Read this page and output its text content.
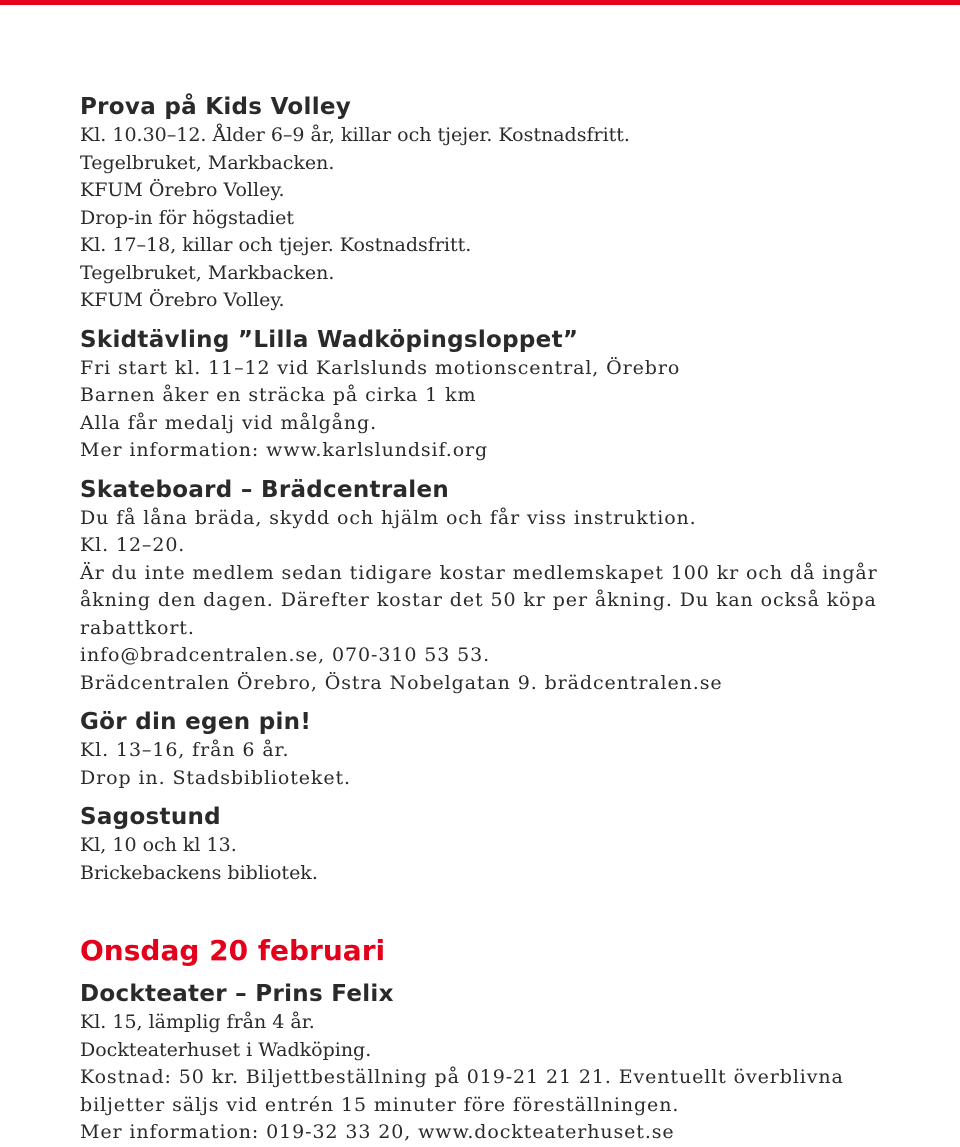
Prova på Kids Volley

Kl. 10.30–12. Ålder 6–9 år, killar och tjejer. Kostnadsfritt.

Tegelbruket, Markbacken.

KFUM Örebro Volley.

Drop-in för högstadiet

Kl. 17–18, killar och tjejer. Kostnadsfritt.

Tegelbruket, Markbacken.

KFUM Örebro Volley.

Skidtävling ”Lilla Wadköpingsloppet”

Fri start kl. 11–12 vid Karlslunds motionscentral, Örebro

Barnen åker en sträcka på cirka 1 km

Alla får medalj vid målgång.

Mer information: www.karlslundsif.org

Skateboard – Brädcentralen

Du få låna bräda, skydd och hjälm och får viss instruktion.

Kl. 12–20.

Är du inte medlem sedan tidigare kostar medlemskapet 100 kr och då ingår

åkning den dagen. Därefter kostar det 50 kr per åkning. Du kan också köpa

rabattkort.

info@bradcentralen.se, 070-310 53 53.

Brädcentralen Örebro, Östra Nobelgatan 9. brädcentralen.se

Gör din egen pin!

Kl. 13–16, från 6 år.

Drop in. Stadsbiblioteket.

Sagostund

Kl, 10 och kl 13.

Brickebackens bibliotek.

Onsdag 20 februari
Dockteater – Prins Felix

Kl. 15, lämplig från 4 år.

Dockteaterhuset i Wadköping.

Kostnad: 50 kr. Biljettbeställning på 019-21 21 21. Eventuellt överblivna

biljetter säljs vid entrén 15 minuter före föreställningen.

Mer information: 019-32 33 20, www.dockteaterhuset.se
